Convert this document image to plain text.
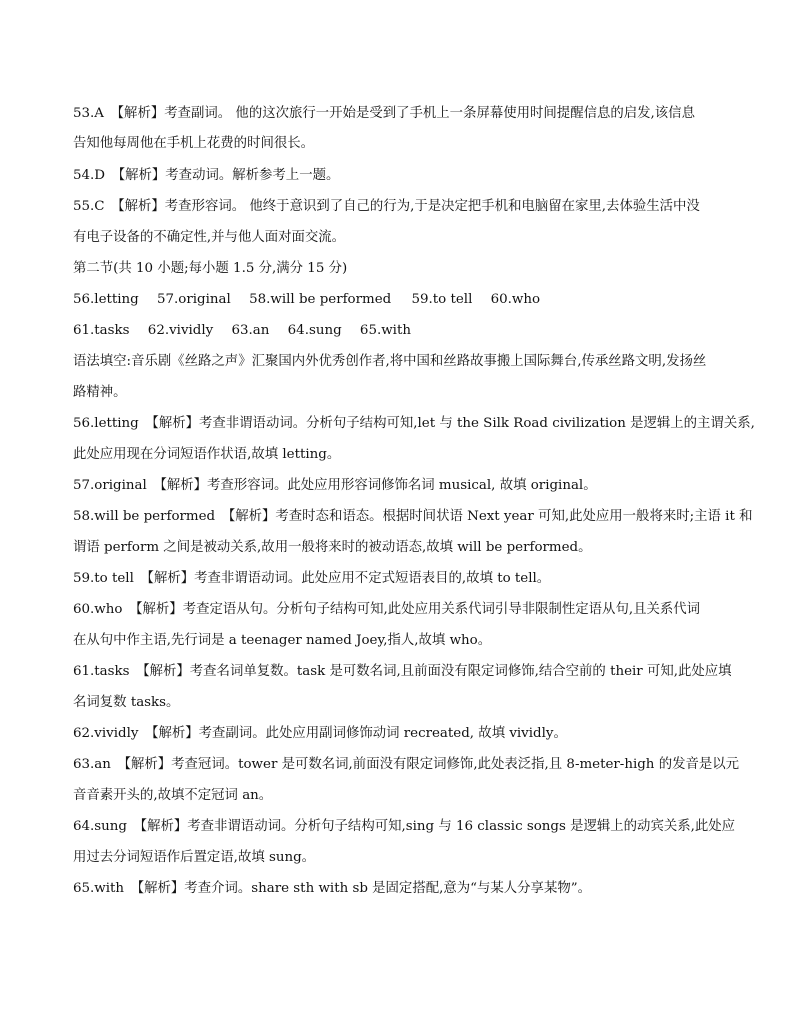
53.A　【解析】考查副词。 他的这次旅行一开始是受到了手机上一条屏幕使用时间提醒信息的启发,该信息
告知他每周他在手机上花费的时间很长。
54.D　【解析】考查动词。解析参考上一题。
55.C　【解析】考查形容词。 他终于意识到了自己的行为,于是决定把手机和电脑留在家里,去体验生活中没
有电子设备的不确定性,并与他人面对面交流。
第二节(共 10 小题;每小题 1.5 分,满分 15 分)
56.letting 57.original 58.will be performed 59.to tell 60.who
61.tasks 62.vividly 63.an 64.sung 65.with
语法填空:音乐剧《丝路之声》汇聚国内外优秀创作者,将中国和丝路故事搬上国际舞台,传承丝路文明,发扬丝
路精神。
56.letting　【解析】考查非谓语动词。分析句子结构可知,let 与 the Silk Road civilization 是逻辑上的主谓关系,
此处应用现在分词短语作状语,故填 letting。
57.original　【解析】考查形容词。此处应用形容词修饰名词 musical, 故填 original。
58.will be performed　【解析】考查时态和语态。根据时间状语 Next year 可知,此处应用一般将来时;主语 it 和
谓语 perform 之间是被动关系,故用一般将来时的被动语态,故填 will be performed。
59.to tell　【解析】考查非谓语动词。此处应用不定式短语表目的,故填 to tell。
60.who　【解析】考查定语从句。分析句子结构可知,此处应用关系代词引导非限制性定语从句,且关系代词
在从句中作主语,先行词是 a teenager named Joey,指人,故填 who。
61.tasks　【解析】考查名词单复数。task 是可数名词,且前面没有限定词修饰,结合空前的 their 可知,此处应填
名词复数 tasks。
62.vividly　【解析】考查副词。此处应用副词修饰动词 recreated, 故填 vividly。
63.an　【解析】考查冠词。tower 是可数名词,前面没有限定词修饰,此处表泛指,且 8-meter-high 的发音是以元
音音素开头的,故填不定冠词 an。
64.sung　【解析】考查非谓语动词。分析句子结构可知,sing 与 16 classic songs 是逻辑上的动宾关系,此处应
用过去分词短语作后置定语,故填 sung。
65.with　【解析】考查介词。share sth with sb 是固定搭配,意为“与某人分享某物”。
